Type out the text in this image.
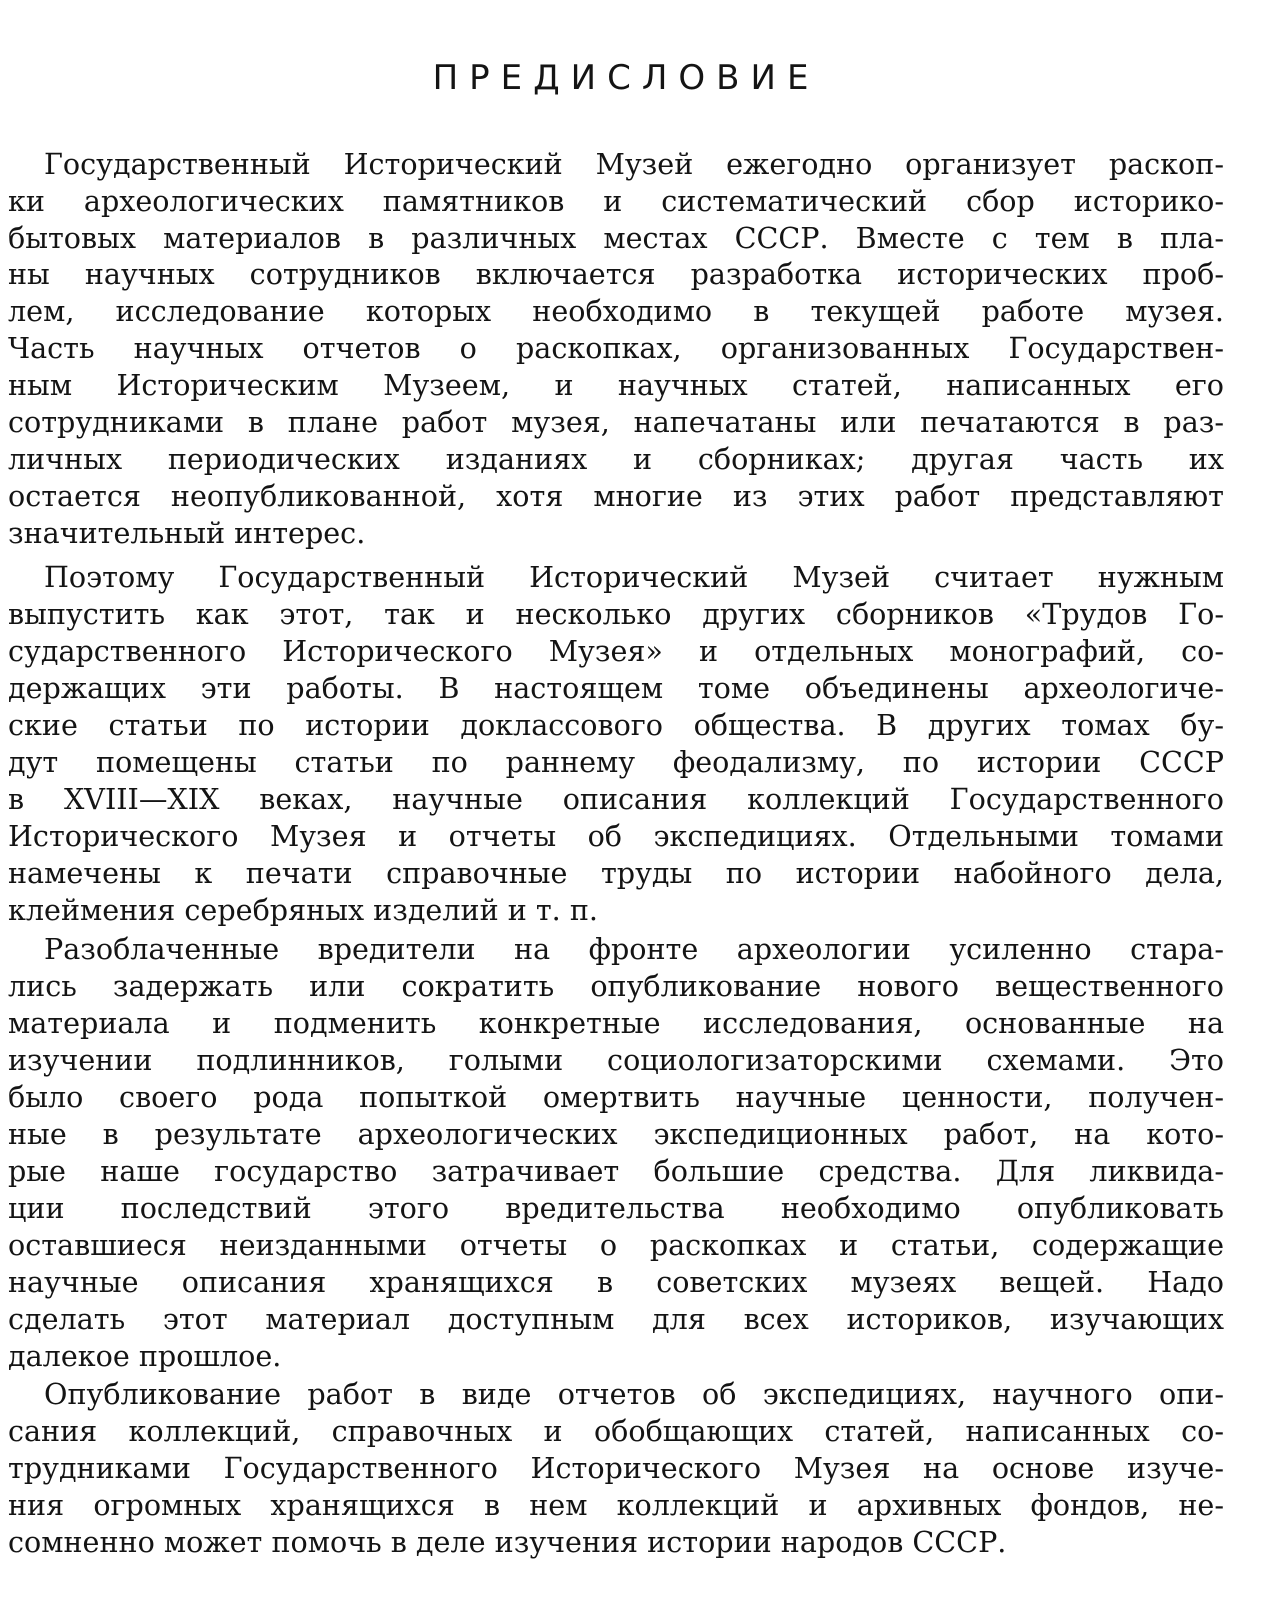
ПРЕДИСЛОВИЕ
Государственный Исторический Музей ежегодно организует раскоп-
ки археологических памятников и систематический сбор историко-
бытовых материалов в различных местах СССР. Вместе с тем в пла-
ны научных сотрудников включается разработка исторических проб-
лем, исследование которых необходимо в текущей работе музея.
Часть научных отчетов о раскопках, организованных Государствен-
ным Историческим Музеем, и научных статей, написанных его
сотрудниками в плане работ музея, напечатаны или печатаются в раз-
личных периодических изданиях и сборниках; другая часть их
остается неопубликованной, хотя многие из этих работ представляют
значительный интерес.
Поэтому Государственный Исторический Музей считает нужным
выпустить как этот, так и несколько других сборников «Трудов Го-
сударственного Исторического Музея» и отдельных монографий, со-
держащих эти работы. В настоящем томе объединены археологиче-
ские статьи по истории доклассового общества. В других томах бу-
дут помещены статьи по раннему феодализму, по истории СССР
в XVIII—XIX веках, научные описания коллекций Государственного
Исторического Музея и отчеты об экспедициях. Отдельными томами
намечены к печати справочные труды по истории набойного дела,
клеймения серебряных изделий и т. п.
Разоблаченные вредители на фронте археологии усиленно стара-
лись задержать или сократить опубликование нового вещественного
материала и подменить конкретные исследования, основанные на
изучении подлинников, голыми социологизаторскими схемами. Это
было своего рода попыткой омертвить научные ценности, получен-
ные в результате археологических экспедиционных работ, на кото-
рые наше государство затрачивает большие средства. Для ликвида-
ции последствий этого вредительства необходимо опубликовать
оставшиеся неизданными отчеты о раскопках и статьи, содержащие
научные описания хранящихся в советских музеях вещей. Надо
сделать этот материал доступным для всех историков, изучающих
далекое прошлое.
Опубликование работ в виде отчетов об экспедициях, научного опи-
сания коллекций, справочных и обобщающих статей, написанных со-
трудниками Государственного Исторического Музея на основе изуче-
ния огромных хранящихся в нем коллекций и архивных фондов, не-
сомненно может помочь в деле изучения истории народов СССР.
